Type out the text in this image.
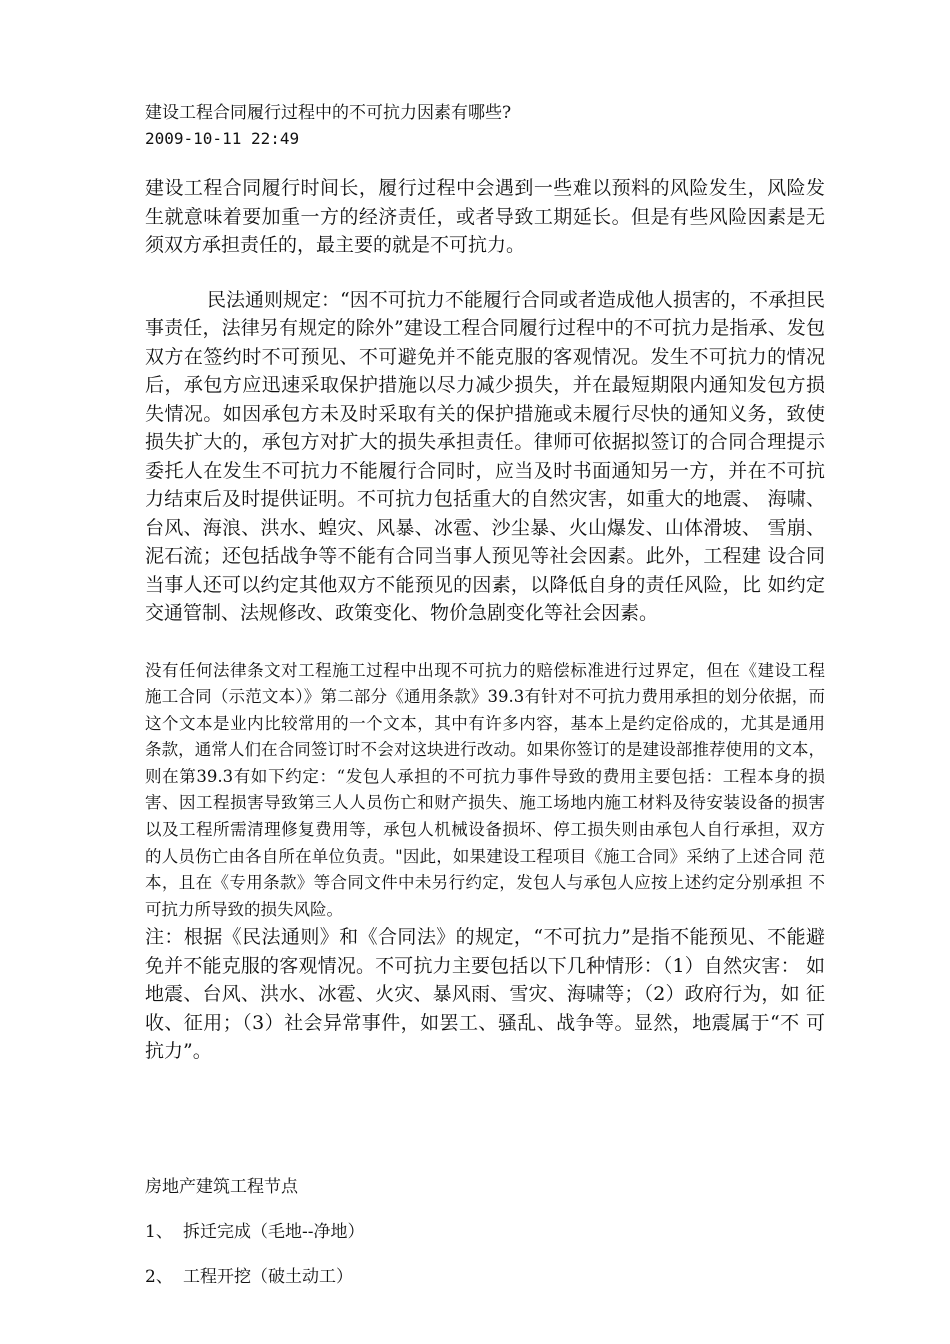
建设工程合同履行过程中的不可抗力因素有哪些?

2009-10-11 22:49

建设工程合同履行时间长，履行过程中会遇到一些难以预料的风险发生，风险发生就意味着要加重一方的经济责任，或者导致工期延长。但是有些风险因素是无须双方承担责任的，最主要的就是不可抗力。

民法通则规定：“因不可抗力不能履行合同或者造成他人损害的，不承担民事责任，法律另有规定的除外”建设工程合同履行过程中的不可抗力是指承、发包双方在签约时不可预见、不可避免并不能克服的客观情况。发生不可抗力的情况后，承包方应迅速采取保护措施以尽力减少损失，并在最短期限内通知发包方损失情况。如因承包方未及时采取有关的保护措施或未履行尽快的通知义务，致使损失扩大的，承包方对扩大的损失承担责任。律师可依据拟签订的合同合理提示委托人在发生不可抗力不能履行合同时，应当及时书面通知另一方，并在不可抗力结束后及时提供证明。不可抗力包括重大的自然灾害，如重大的地震、 海啸、台风、海浪、洪水、蝗灾、风暴、冰雹、沙尘暴、火山爆发、山体滑坡、 雪崩、泥石流；还包括战争等不能有合同当事人预见等社会因素。此外，工程建 设合同当事人还可以约定其他双方不能预见的因素，以降低自身的责任风险，比 如约定交通管制、法规修改、政策变化、物价急剧变化等社会因素。

没有任何法律条文对工程施工过程中出现不可抗力的赔偿标准进行过界定，但在《建设工程 施工合同（示范文本）》第二部分《通用条款》39.3有针对不可抗力费用承担的划分依据，而 这个文本是业内比较常用的一个文本，其中有许多内容，基本上是约定俗成的，尤其是通用 条款，通常人们在合同签订时不会对这块进行改动。如果你签订的是建设部推荐使用的文本， 则在第39.3有如下约定：“发包人承担的不可抗力事件导致的费用主要包括：工程本身的损 害、因工程损害导致第三人人员伤亡和财产损失、施工场地内施工材料及待安装设备的损害 以及工程所需清理修复费用等，承包人机械设备损坏、停工损失则由承包人自行承担，双方 的人员伤亡由各自所在单位负责。"因此，如果建设工程项目《施工合同》采纳了上述合同 范本，且在《专用条款》等合同文件中未另行约定，发包人与承包人应按上述约定分别承担 不可抗力所导致的损失风险。

注：根据《民法通则》和《合同法》的规定，“不可抗力”是指不能预见、不能避免并不能克服的客观情况。不可抗力主要包括以下几种情形：（1）自然灾害： 如地震、台风、洪水、冰雹、火灾、暴风雨、雪灾、海啸等；（2）政府行为，如 征收、征用；（3）社会异常事件，如罢工、骚乱、战争等。显然，地震属于“不 可抗力”。

房地产建筑工程节点

1、 拆迁完成（毛地--净地）
2、 工程开挖（破土动工）
